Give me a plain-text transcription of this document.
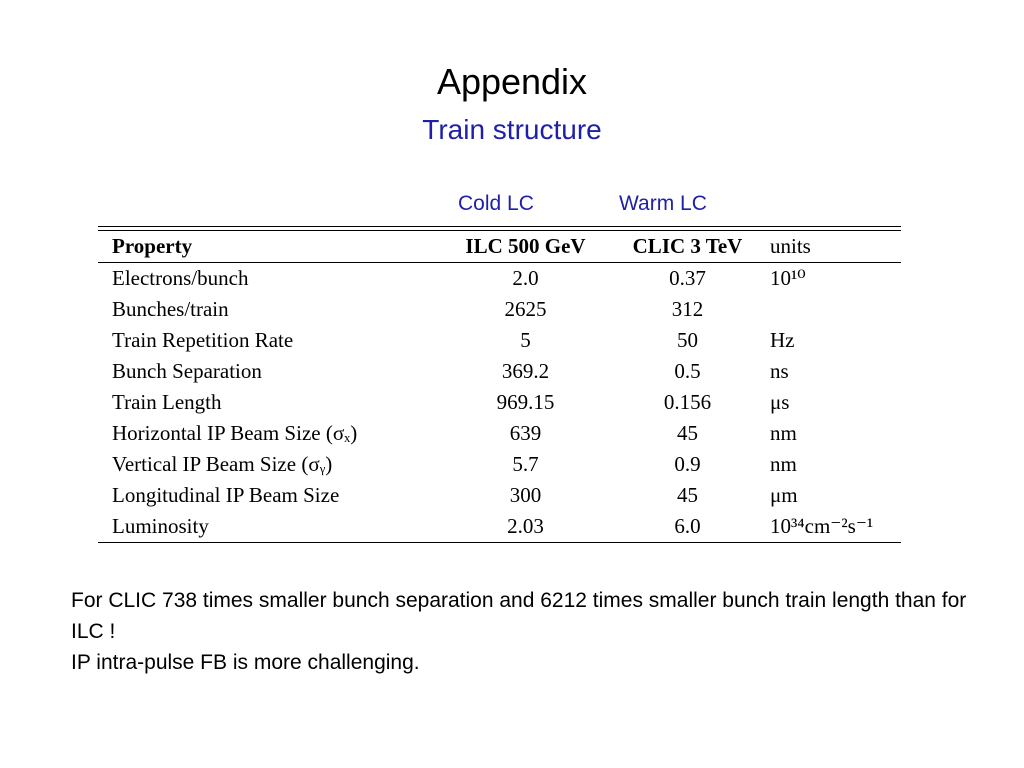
Appendix
Train structure
Cold LC	Warm LC
Property	ILC 500 GeV	CLIC 3 TeV	units
Electrons/bunch	2.0	0.37	10¹⁰
Bunches/train	2625	312	
Train Repetition Rate	5	50	Hz
Bunch Separation	369.2	0.5	ns
Train Length	969.15	0.156	μs
Horizontal IP Beam Size (σₓ)	639	45	nm
Vertical IP Beam Size (σᵧ)	5.7	0.9	nm
Longitudinal IP Beam Size	300	45	μm
Luminosity	2.03	6.0	10³⁴cm⁻²s⁻¹

For CLIC 738 times smaller bunch separation and 6212 times smaller bunch train length than for ILC !

IP intra-pulse FB is more challenging.
